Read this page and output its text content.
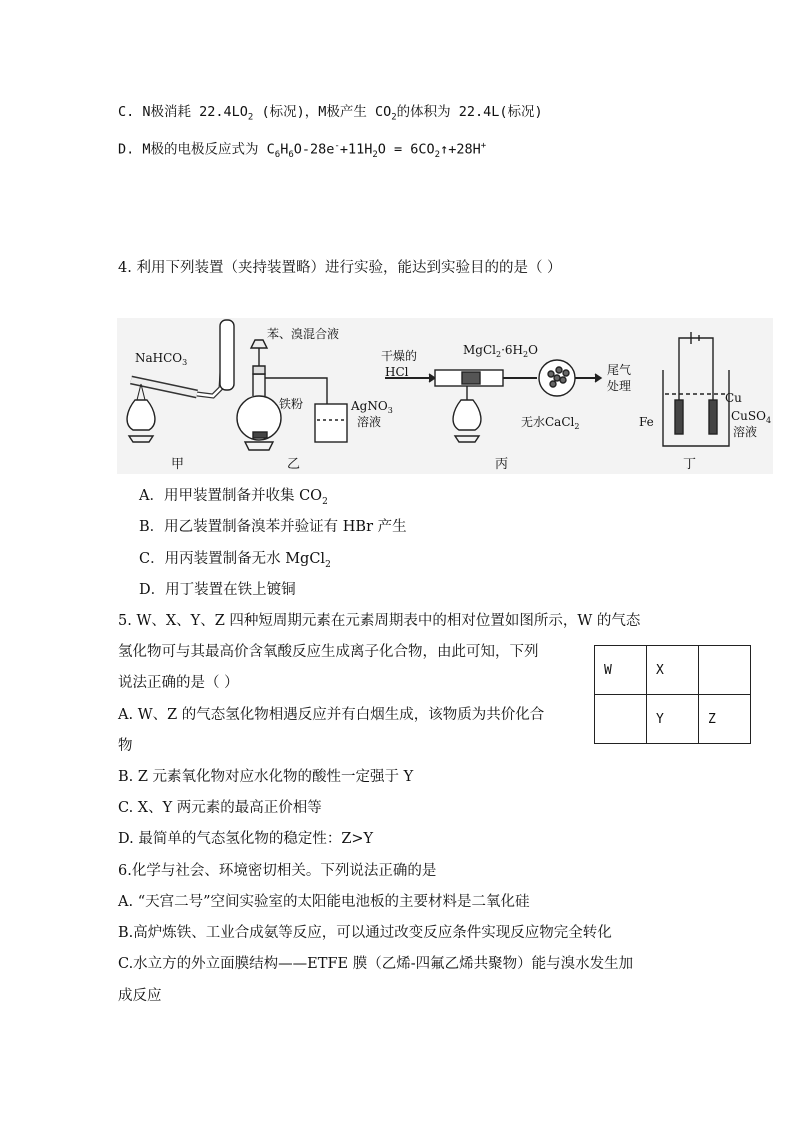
C. N极消耗 $22.4LO_2$ (标况)，M极产生 $CO_2$的体积为 22.4L(标况)
D. M极的电极反应式为 $C_6H_6O-28e^-+11H_2O$ = $6CO_2↑+28H^+$
4. 利用下列装置（夹持装置略）进行实验，能达到实验目的的是（ ）
NaHCO$_3$
苯、溴混合液
铁粉	AgNO$_3$
溶液
干燥的
HCl
$MgCl_2\cdot 6H_2O$
无水CaCl$_2$
尾气
处理
Cu
Fe	CuSO$_4$
溶液
甲	乙	丙	丁
A．用甲装置制备并收集 $CO_2$
B．用乙装置制备溴苯并验证有 HBr 产生
C．用丙装置制备无水 MgCl$_2$
D．用丁装置在铁上镀铜
5. W、X、Y、Z 四种短周期元素在元素周期表中的相对位置如图所示，W 的气态
氢化物可与其最高价含氧酸反应生成离子化合物，由此可知，下列
说法正确的是（ ）
A. W、Z 的气态氢化物相遇反应并有白烟生成，该物质为共价化合
物
B. Z 元素氧化物对应水化物的酸性一定强于 Y
C. X、Y 两元素的最高正价相等
D. 最简单的气态氢化物的稳定性：Z>Y
W	X	
	Y	Z
6.化学与社会、环境密切相关。下列说法正确的是
A. “天宫二号”空间实验室的太阳能电池板的主要材料是二氧化硅
B.高炉炼铁、工业合成氨等反应，可以通过改变反应条件实现反应物完全转化
C.水立方的外立面膜结构——ETFE 膜（乙烯-四氟乙烯共聚物）能与溴水发生加
成反应
